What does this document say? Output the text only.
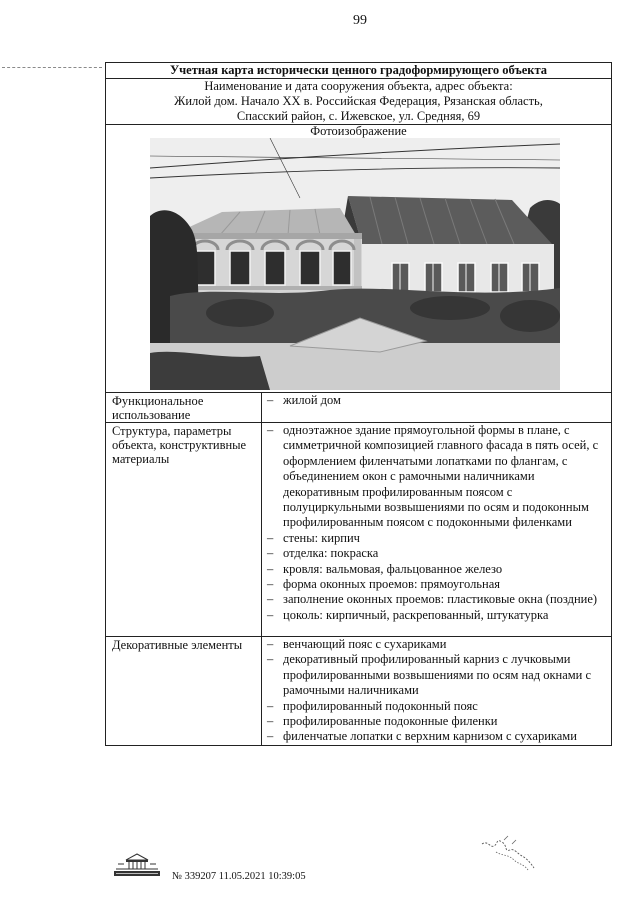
99
Учетная карта исторически ценного градоформирующего объекта
Наименование и дата сооружения объекта, адрес объекта:
Жилой дом. Начало XX в. Российская Федерация, Рязанская область,
Спасский район, с. Ижевское, ул. Средняя, 69
Фотоизображение
Функциональное использование
– жилой дом
Структура, параметры объекта, конструктивные материалы
– одноэтажное здание прямоугольной формы в плане, с симметричной композицией главного фасада в пять осей, с оформлением филенчатыми лопатками по флангам, с объединением окон с рамочными наличниками декоративным профилированным поясом с полуциркульными возвышениями по осям и подоконным профилированным поясом с подоконными филенками
– стены: кирпич
– отделка: покраска
– кровля: вальмовая, фальцованное железо
– форма оконных проемов: прямоугольная
– заполнение оконных проемов: пластиковые окна (поздние)
– цоколь: кирпичный, раскрепованный, штукатурка
Декоративные элементы
–	венчающий пояс с сухариками
– декоративный профилированный карниз с лучковыми профилированными возвышениями по осям над окнами с рамочными наличниками
– профилированный подоконный пояс
– профилированные подоконные филенки
– филенчатые лопатки с верхним карнизом с сухариками
№ 339207 11.05.2021 10:39:05
